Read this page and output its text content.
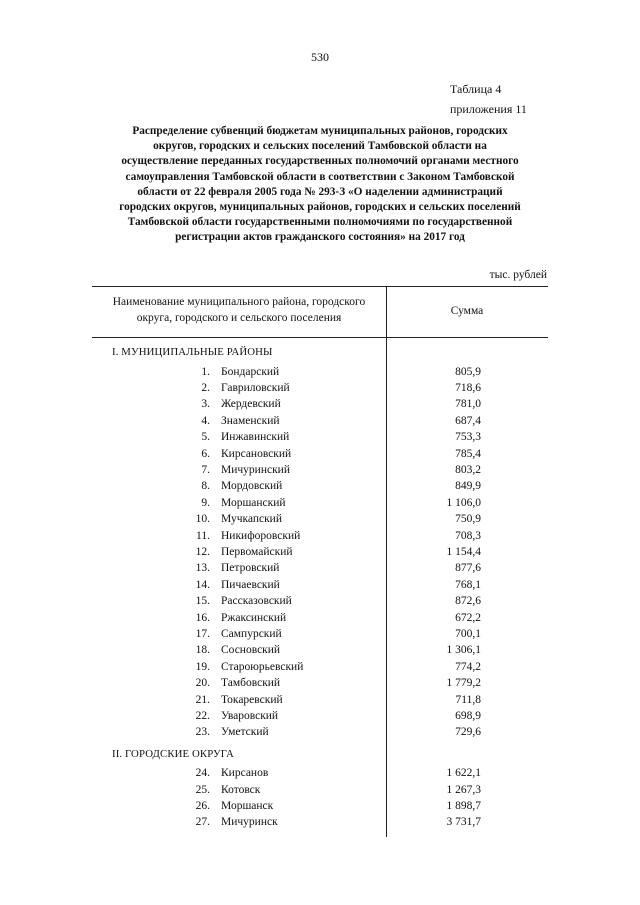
530
Таблица 4
приложения 11
Распределение субвенций бюджетам муниципальных районов, городских
округов, городских и сельских поселений Тамбовской области на
осуществление переданных государственных полномочий органами местного
самоуправления Тамбовской области в соответствии с Законом Тамбовской
области от 22 февраля 2005 года № 293-З «О наделении администраций
городских округов, муниципальных районов, городских и сельских поселений
Тамбовской области государственными полномочиями по государственной
регистрации актов гражданского состояния» на 2017 год
тыс. рублей
Наименование муниципального района, городского
округа, городского и сельского поселения
Сумма
I. МУНИЦИПАЛЬНЫЕ РАЙОНЫ
1. Бондарский	805,9
2. Гавриловский	718,6
3. Жердевский	781,0
4. Знаменский	687,4
5. Инжавинский	753,3
6. Кирсановский	785,4
7. Мичуринский	803,2
8. Мордовский	849,9
9. Моршанский	1 106,0
10. Мучкапский	750,9
11. Никифоровский	708,3
12. Первомайский	1 154,4
13. Петровский	877,6
14. Пичаевский	768,1
15. Рассказовский	872,6
16. Ржаксинский	672,2
17. Сампурский	700,1
18. Сосновский	1 306,1
19. Староюрьевский	774,2
20. Тамбовский	1 779,2
21. Токаревский	711,8
22. Уваровский	698,9
23. Уметский	729,6
II. ГОРОДСКИЕ ОКРУГА
24. Кирсанов	1 622,1
25. Котовск	1 267,3
26. Моршанск	1 898,7
27. Мичуринск	3 731,7
